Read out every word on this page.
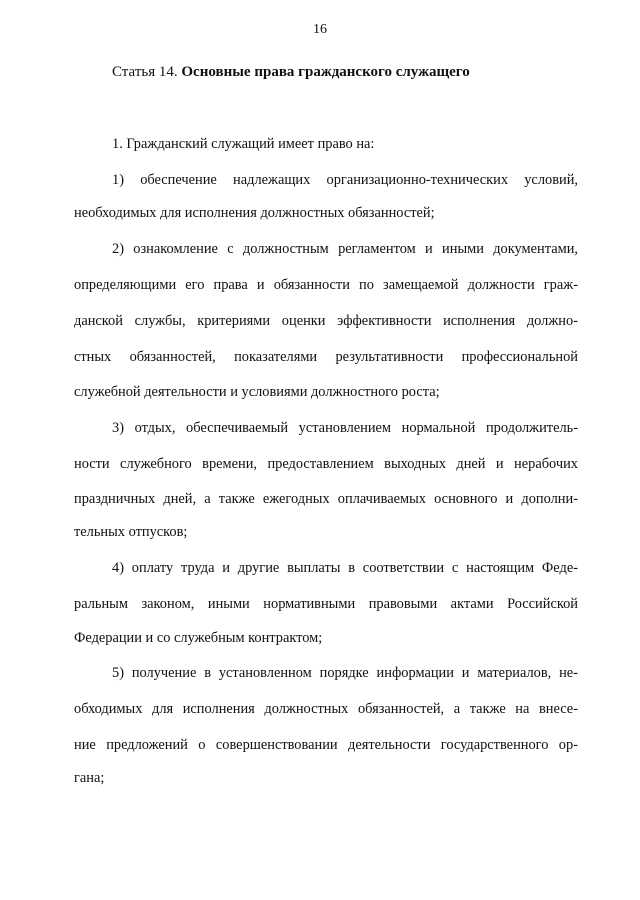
16
Статья 14. Основные права гражданского служащего
1. Гражданский служащий имеет право на:
1) обеспечение надлежащих организационно-технических условий,
необходимых для исполнения должностных обязанностей;
2) ознакомление с должностным регламентом и иными документами,
определяющими его права и обязанности по замещаемой должности граж-
данской службы, критериями оценки эффективности исполнения должно-
стных обязанностей, показателями результативности профессиональной
служебной деятельности и условиями должностного роста;
3) отдых, обеспечиваемый установлением нормальной продолжитель-
ности служебного времени, предоставлением выходных дней и нерабочих
праздничных дней, а также ежегодных оплачиваемых основного и дополни-
тельных отпусков;
4) оплату труда и другие выплаты в соответствии с настоящим Феде-
ральным законом, иными нормативными правовыми актами Российской
Федерации и со служебным контрактом;
5) получение в установленном порядке информации и материалов, не-
обходимых для исполнения должностных обязанностей, а также на внесе-
ние предложений о совершенствовании деятельности государственного ор-
гана;
